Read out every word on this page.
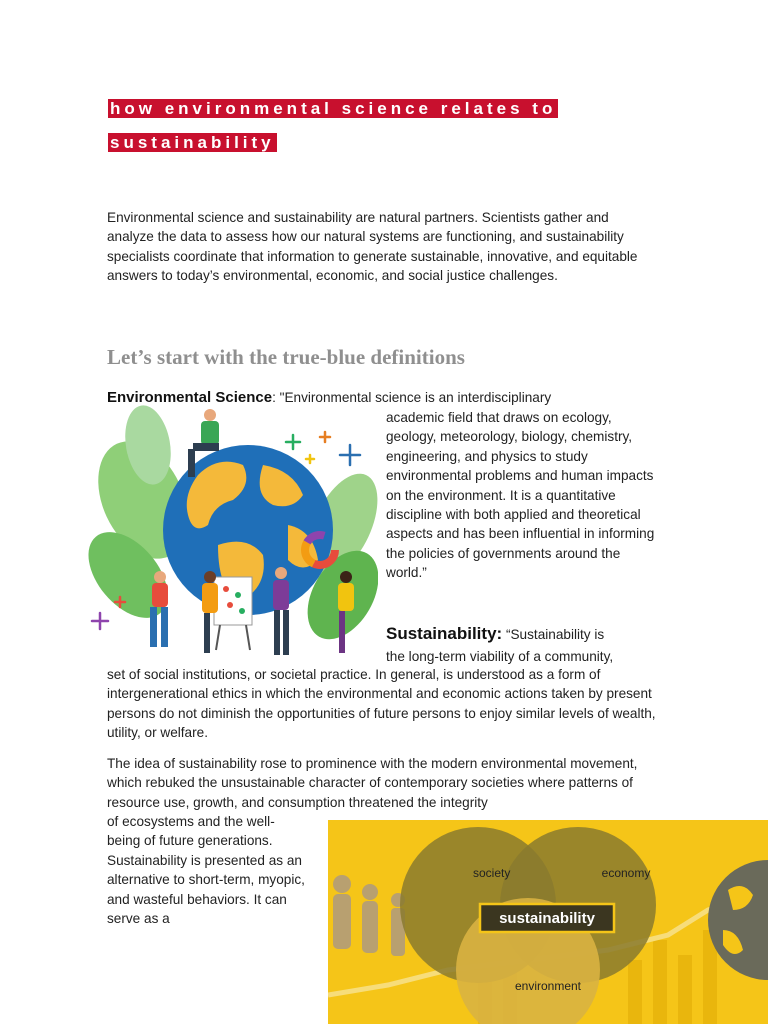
how environmental science relates to
sustainability
Environmental science and sustainability are natural partners. Scientists gather and analyze the data to assess how our natural systems are functioning, and sustainability specialists coordinate that information to generate sustainable, innovative, and equitable answers to today’s environmental, economic, and social justice challenges.
Let’s start with the true-blue definitions
Environmental Science: "Environmental science is an interdisciplinary
academic field that draws on ecology, geology, meteorology, biology, chemistry, engineering, and physics to study environmental problems and human impacts on the environment. It is a quantitative discipline with both applied and theoretical aspects and has been influential in informing the policies of governments around the world.”
Sustainability: “Sustainability is
the long-term viability of a community,
set of social institutions, or societal practice. In general, is understood as a form of intergenerational ethics in which the environmental and economic actions taken by present persons do not diminish the opportunities of future persons to enjoy similar levels of wealth, utility, or welfare.
The idea of sustainability rose to prominence with the modern environmental movement, which rebuked the unsustainable character of contemporary societies where patterns of resource use, growth, and consumption threatened the integrity
of ecosystems and the well-being of future generations. Sustainability is presented as an alternative to short-term, myopic, and wasteful behaviors. It can serve as a
society	economy
environment
sustainability
